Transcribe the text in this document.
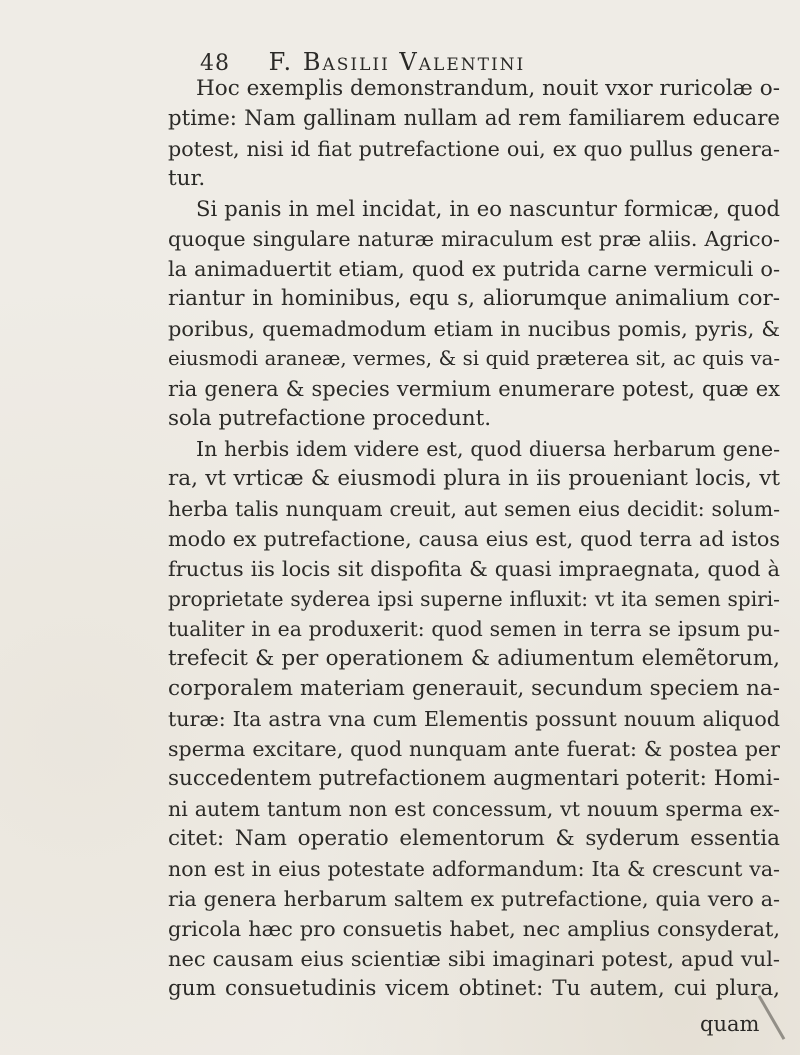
48 F. Basilii Valentini
Hoc exemplis demonstrandum, nouit vxor ruricolæ o-
ptime: Nam gallinam nullam ad rem familiarem educare
potest, nisi id fiat putrefactione oui, ex quo pullus genera-
tur.
Si panis in mel incidat, in eo nascuntur formicæ, quod
quoque singulare naturæ miraculum est præ aliis. Agrico-
la animaduertit etiam, quod ex putrida carne vermiculi o-
riantur in hominibus, equ s, aliorumque animalium cor-
poribus, quemadmodum etiam in nucibus pomis, pyris, &
eiusmodi araneæ, vermes, & si quid præterea sit, ac quis va-
ria genera & species vermium enumerare potest, quæ ex
sola putrefactione procedunt.
In herbis idem videre est, quod diuersa herbarum gene-
ra, vt vrticæ & eiusmodi plura in iis proueniant locis, vt
herba talis nunquam creuit, aut semen eius decidit: solum-
modo ex putrefactione, causa eius est, quod terra ad istos
fructus iis locis sit dispofita & quasi impraegnata, quod à
proprietate syderea ipsi superne influxit: vt ita semen spiri-
tualiter in ea produxerit: quod semen in terra se ipsum pu-
trefecit & per operationem & adiumentum elemẽtorum,
corporalem materiam generauit, secundum speciem na-
turæ: Ita astra vna cum Elementis possunt nouum aliquod
sperma excitare, quod nunquam ante fuerat: & postea per
succedentem putrefactionem augmentari poterit: Homi-
ni autem tantum non est concessum, vt nouum sperma ex-
citet: Nam operatio elementorum & syderum essentia
non est in eius potestate adformandum: Ita & crescunt va-
ria genera herbarum saltem ex putrefactione, quia vero a-
gricola hæc pro consuetis habet, nec amplius consyderat,
nec causam eius scientiæ sibi imaginari potest, apud vul-
gum consuetudinis vicem obtinet: Tu autem, cui plura,
quam
